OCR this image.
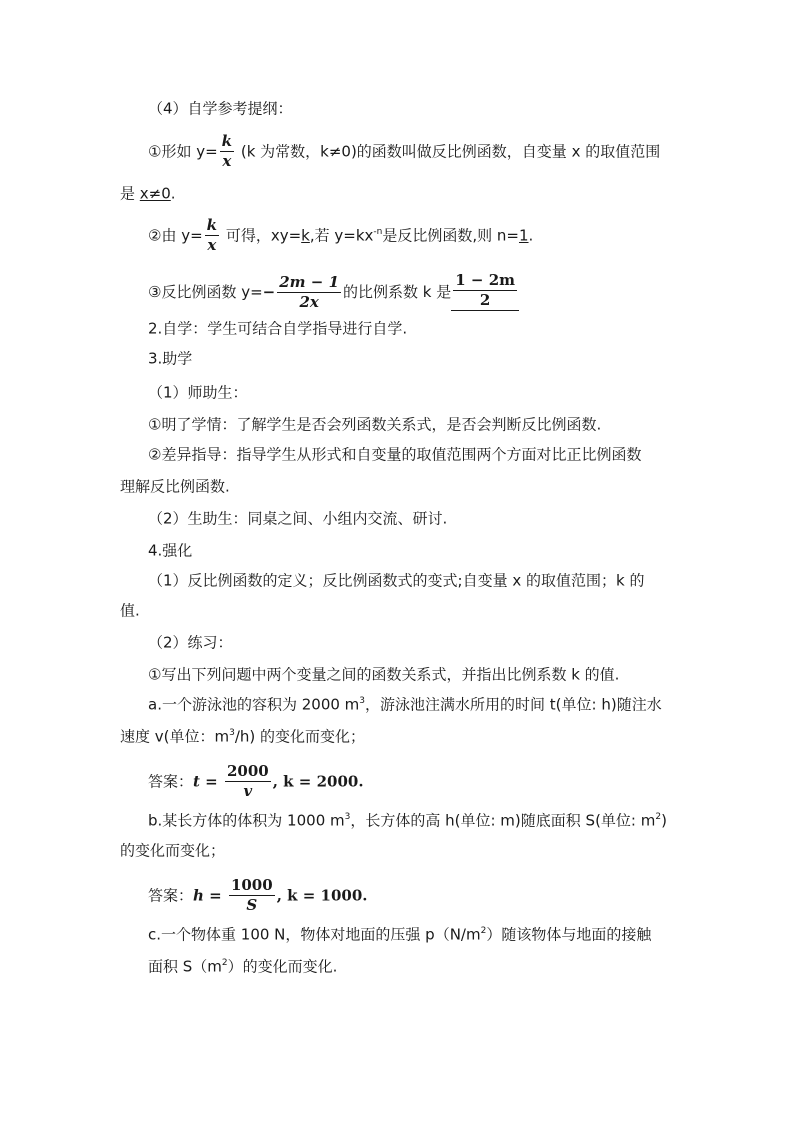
（4）自学参考提纲：
①形如 $y= \frac{k}{x} (k$ 为常数，k≠0)的函数叫做反比例函数，自变量 x 的取值范围
是 x≠0.
②由 $y= \frac{k}{x}$ 可得，xy=k,若 $y=kx^{-n}$是反比例函数,则 n=1.
③反比例函数 $y=- \frac{2m - 1}{2x}$ 的比例系数 k 是 $\frac{1 - 2m}{2}$
2.自学：学生可结合自学指导进行自学.
3.助学
（1）师助生：
①明了学情：了解学生是否会列函数关系式，是否会判断反比例函数.
②差异指导：指导学生从形式和自变量的取值范围两个方面对比正比例函数
理解反比例函数.
（2）生助生：同桌之间、小组内交流、研讨.
4.强化
（1）反比例函数的定义；反比例函数式的变式;自变量 x 的取值范围；k 的
值.
（2）练习：
①写出下列问题中两个变量之间的函数关系式，并指出比例系数 k 的值.
a.一个游泳池的容积为 2000 $m^3$，游泳池注满水所用的时间 t(单位: h)随注水
速度 v(单位：$m^3/h$) 的变化而变化；
答案：$t = \frac{2000}{v}$ , k = 2000.
b.某长方体的体积为 1000 $m^3$，长方体的高 h(单位: m)随底面积 S(单位: $m^2$)
的变化而变化；
答案：$h = \frac{1000}{S}$ , k = 1000.
c.一个物体重 100 N，物体对地面的压强 $p(N/m^2)$随该物体与地面的接触
面积 $S(m^2)$的变化而变化.
